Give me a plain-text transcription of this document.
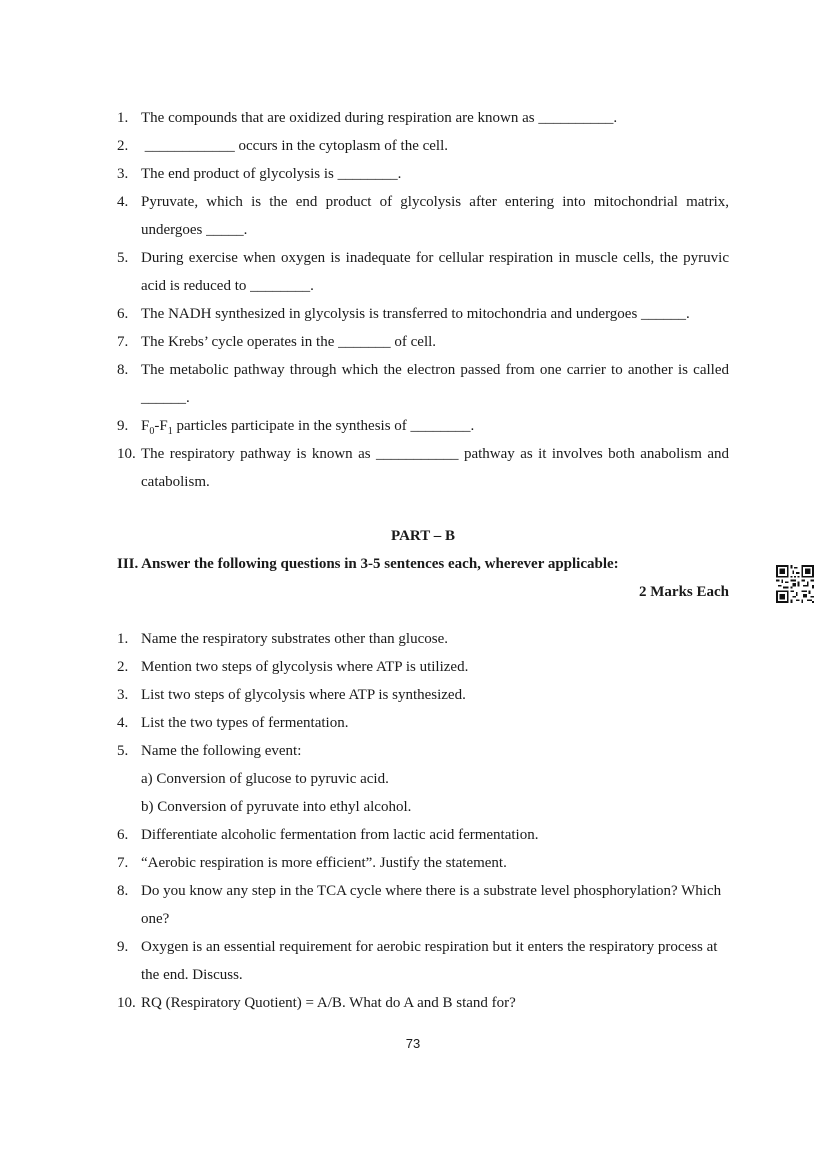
1. The compounds that are oxidized during respiration are known as __________.
2. ____________ occurs in the cytoplasm of the cell.
3. The end product of glycolysis is ________.
4. Pyruvate, which is the end product of glycolysis after entering into mitochondrial matrix, undergoes _____.
5. During exercise when oxygen is inadequate for cellular respiration in muscle cells, the pyruvic acid is reduced to ________.
6. The NADH synthesized in glycolysis is transferred to mitochondria and undergoes ______.
7. The Krebs’ cycle operates in the _______ of cell.
8. The metabolic pathway through which the electron passed from one carrier to another is called ______.
9. $F_0-F_1$ particles participate in the synthesis of ________.
10. The respiratory pathway is known as ___________ pathway as it involves both anabolism and catabolism.
PART – B
III. Answer the following questions in 3-5 sentences each, wherever applicable:
2 Marks Each
1. Name the respiratory substrates other than glucose.
2. Mention two steps of glycolysis where ATP is utilized.
3. List two steps of glycolysis where ATP is synthesized.
4. List the two types of fermentation.
5. Name the following event:
a) Conversion of glucose to pyruvic acid.
b) Conversion of pyruvate into ethyl alcohol.
6. Differentiate alcoholic fermentation from lactic acid fermentation.
7. “Aerobic respiration is more efficient”. Justify the statement.
8. Do you know any step in the TCA cycle where there is a substrate level phosphorylation? Which one?
9. Oxygen is an essential requirement for aerobic respiration but it enters the respiratory process at the end. Discuss.
10. RQ (Respiratory Quotient) = A/B. What do A and B stand for?
73
